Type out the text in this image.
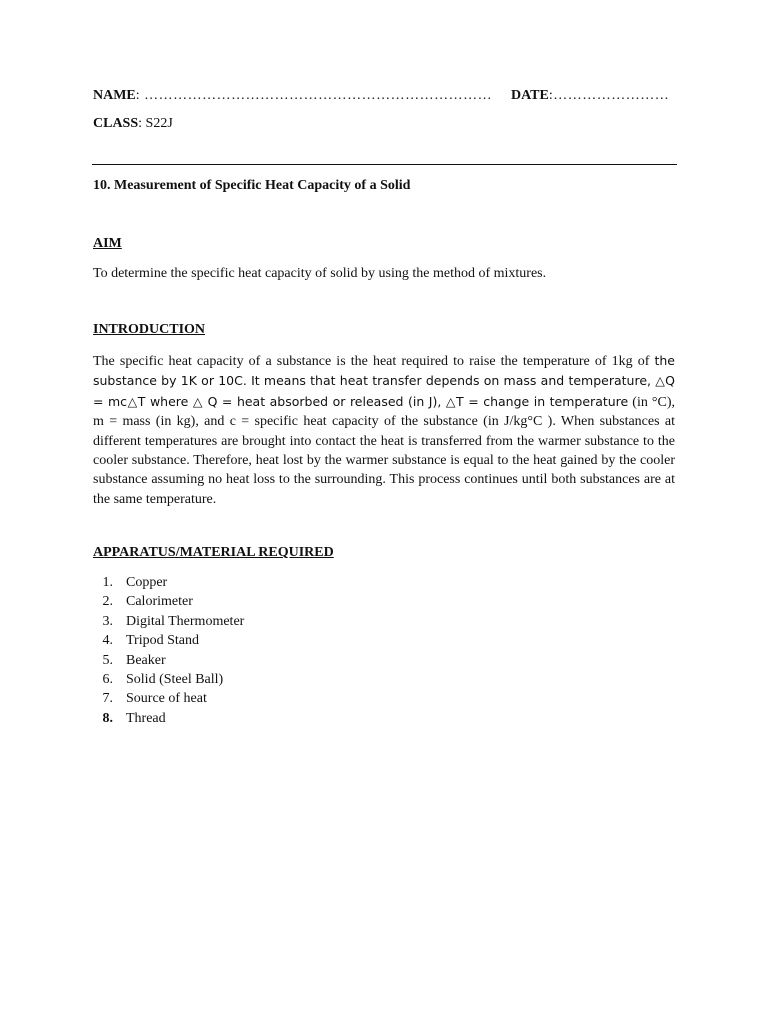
NAME: ……………………………………………………………… DATE:……………………
CLASS: S22J
10. Measurement of Specific Heat Capacity of a Solid
AIM

To determine the specific heat capacity of solid by using the method of mixtures.

INTRODUCTION

The specific heat capacity of a substance is the heat required to raise the temperature of 1kg of the substance by 1K or 10C. It means that heat transfer depends on mass and temperature, △Q = mc△T where △ Q = heat absorbed or released (in J), △T = change in temperature (in °C), m = mass (in kg), and c = specific heat capacity of the substance (in J/kg°C ). When substances at different temperatures are brought into contact the heat is transferred from the warmer substance to the cooler substance. Therefore, heat lost by the warmer substance is equal to the heat gained by the cooler substance assuming no heat loss to the surrounding. This process continues until both substances are at the same temperature.

APPARATUS/MATERIAL REQUIRED
1. Copper
2. Calorimeter
3. Digital Thermometer
4. Tripod Stand
5. Beaker
6. Solid (Steel Ball)
7. Source of heat
8. Thread
